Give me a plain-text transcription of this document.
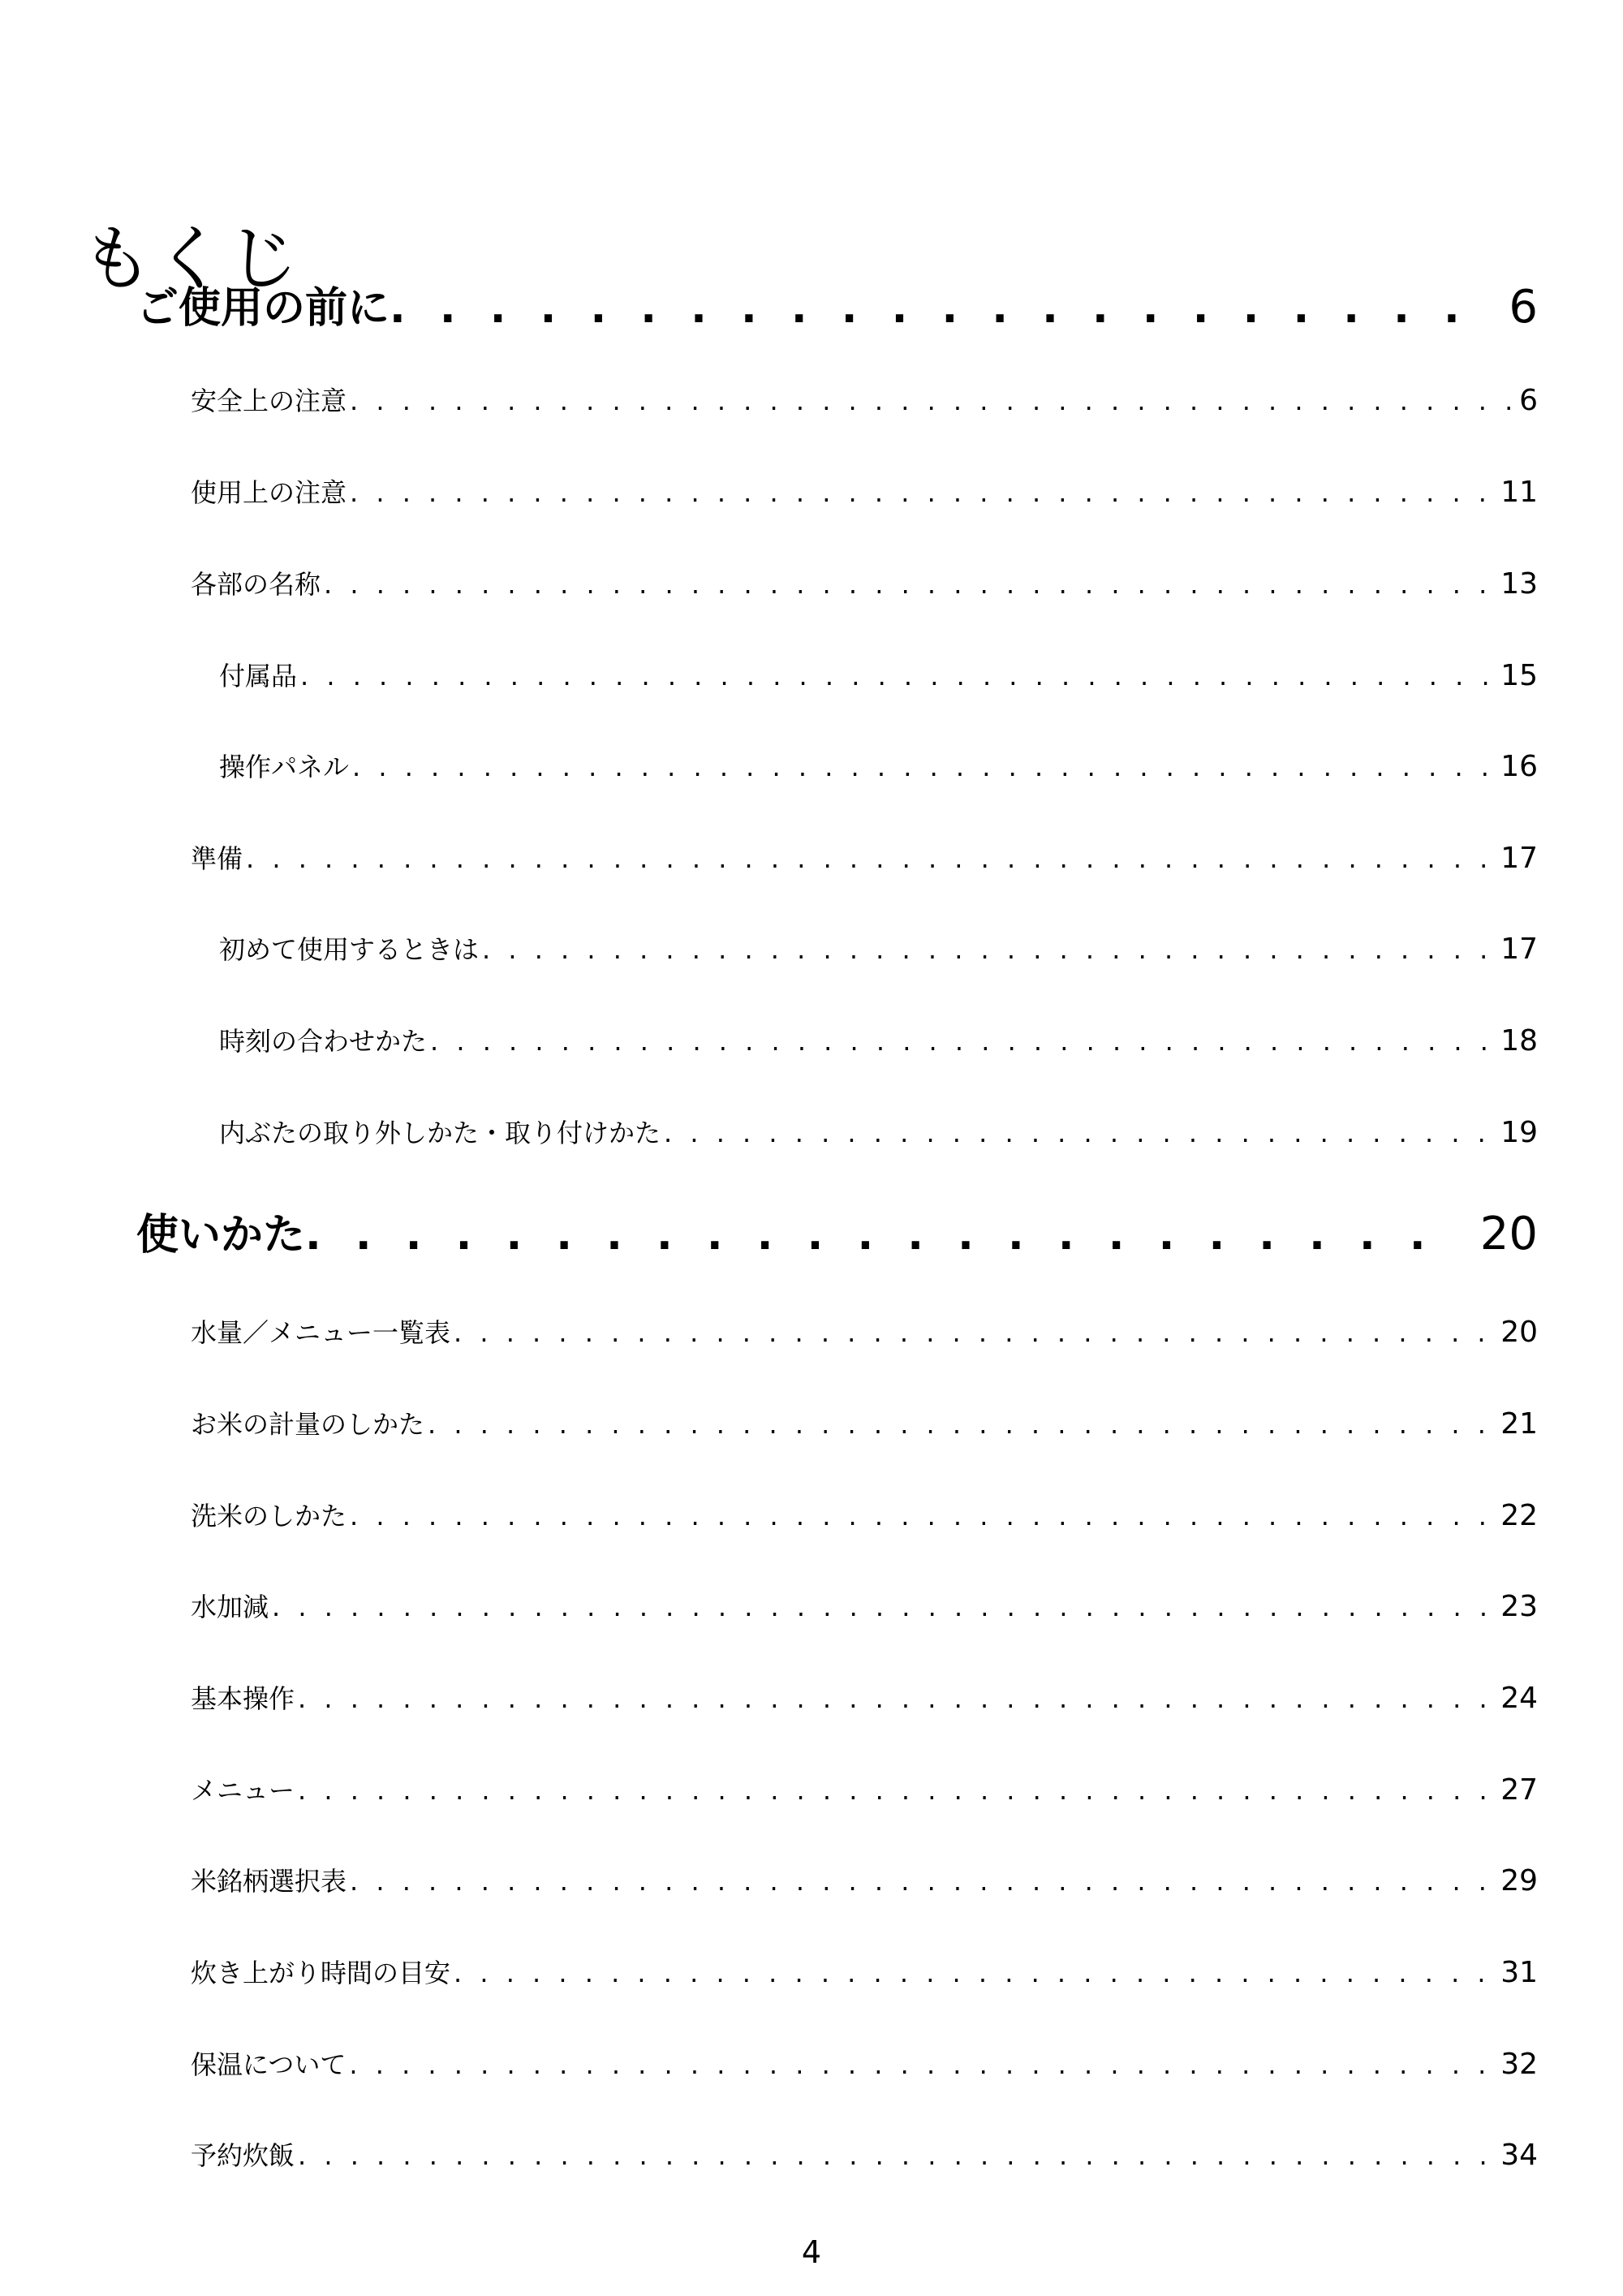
もくじ
ご使用の前に . . .	6
安全上の注意 . . .	6
使用上の注意 . . .	11
各部の名称 . . .	13
付属品 . . .	15
操作パネル . . .	16
準備 . . .	17
初めて使用するときは . . .	17
時刻の合わせかた . . .	18
内ぶたの取り外しかた・取り付けかた . . .	19
使いかた . . .	20
水量／メニュー一覧表 . . .	20
お米の計量のしかた . . .	21
洗米のしかた . . .	22
水加減 . . .	23
基本操作 . . .	24
メニュー . . .	27
米銘柄選択表 . . .	29
炊き上がり時間の目安 . . .	31
保温について . . .	32
予約炊飯 . . .	34
4
